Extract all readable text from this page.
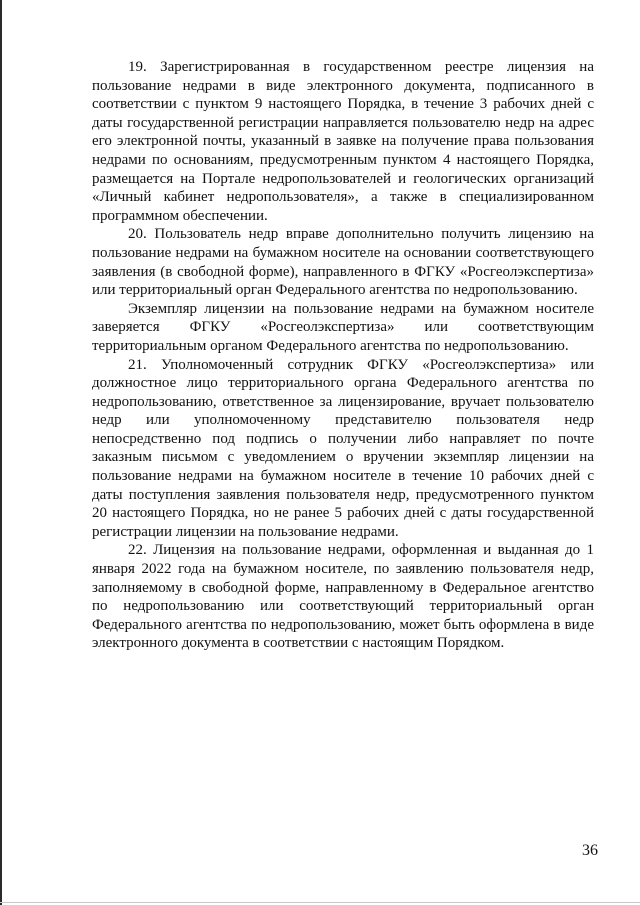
19. Зарегистрированная в государственном реестре лицензия на пользование недрами в виде электронного документа, подписанного в соответствии с пунктом 9 настоящего Порядка, в течение 3 рабочих дней с даты государственной регистрации направляется пользователю недр на адрес его электронной почты, указанный в заявке на получение права пользования недрами по основаниям, предусмотренным пунктом 4 настоящего Порядка, размещается на Портале недропользователей и геологических организаций «Личный кабинет недропользователя», а также в специализированном программном обеспечении.

20. Пользователь недр вправе дополнительно получить лицензию на пользование недрами на бумажном носителе на основании соответствующего заявления (в свободной форме), направленного в ФГКУ «Росгеолэкспертиза» или территориальный орган Федерального агентства по недропользованию.

Экземпляр лицензии на пользование недрами на бумажном носителе заверяется ФГКУ «Росгеолэкспертиза» или соответствующим территориальным органом Федерального агентства по недропользованию.

21. Уполномоченный сотрудник ФГКУ «Росгеолэкспертиза» или должностное лицо территориального органа Федерального агентства по недропользованию, ответственное за лицензирование, вручает пользователю недр или уполномоченному представителю пользователя недр непосредственно под подпись о получении либо направляет по почте заказным письмом с уведомлением о вручении экземпляр лицензии на пользование недрами на бумажном носителе в течение 10 рабочих дней с даты поступления заявления пользователя недр, предусмотренного пунктом 20 настоящего Порядка, но не ранее 5 рабочих дней с даты государственной регистрации лицензии на пользование недрами.

22. Лицензия на пользование недрами, оформленная и выданная до 1 января 2022 года на бумажном носителе, по заявлению пользователя недр, заполняемому в свободной форме, направленному в Федеральное агентство по недропользованию или соответствующий территориальный орган Федерального агентства по недропользованию, может быть оформлена в виде электронного документа в соответствии с настоящим Порядком.

36
